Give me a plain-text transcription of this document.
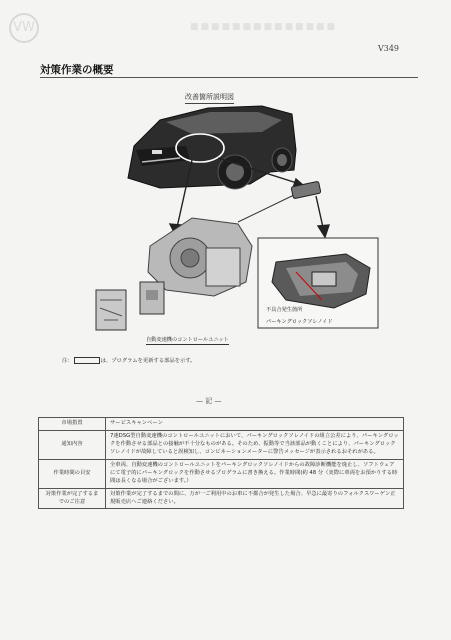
VW	■■■■■■■■■■■■■■
V349
対策作業の概要
改善箇所説明図
不具合発生箇所
パーキングロックソレノイド
自動変速機のコントロールユニット
注：	は、プログラムを更新する部品を示す。
— 記 —
市場措置	サービスキャンペーン
通知内容	7速DSG型自動変速機のコントロールユニットにおいて、パーキングロックソレノイドの組立公差により、パーキングロックを作動させる部品との接触が不十分なものがある。そのため、振動等で当該部品が動くことにより、パーキングロックソレノイドが故障していると誤検知し、コンビネーションメーターに警告メッセージが表示されるおそれがある。
作業時間の目安	全車両、自動変速機のコントロールユニットをパーキングロックソレノイドからの故障診断機能を廃止し、ソフトウェアにて電子的にパーキングロックを作動させるプログラムに書き換える。作業時間(約 48 分（実際に車両をお預かりする時間は長くなる場合がございます。）
対策作業が完了するまでのご注意	対策作業が完了するまでの間に、万が一ご利用中のお車に不都合が発生した場合、早急に最寄りのフォルクスワーゲン正規販売店へご連絡ください。
